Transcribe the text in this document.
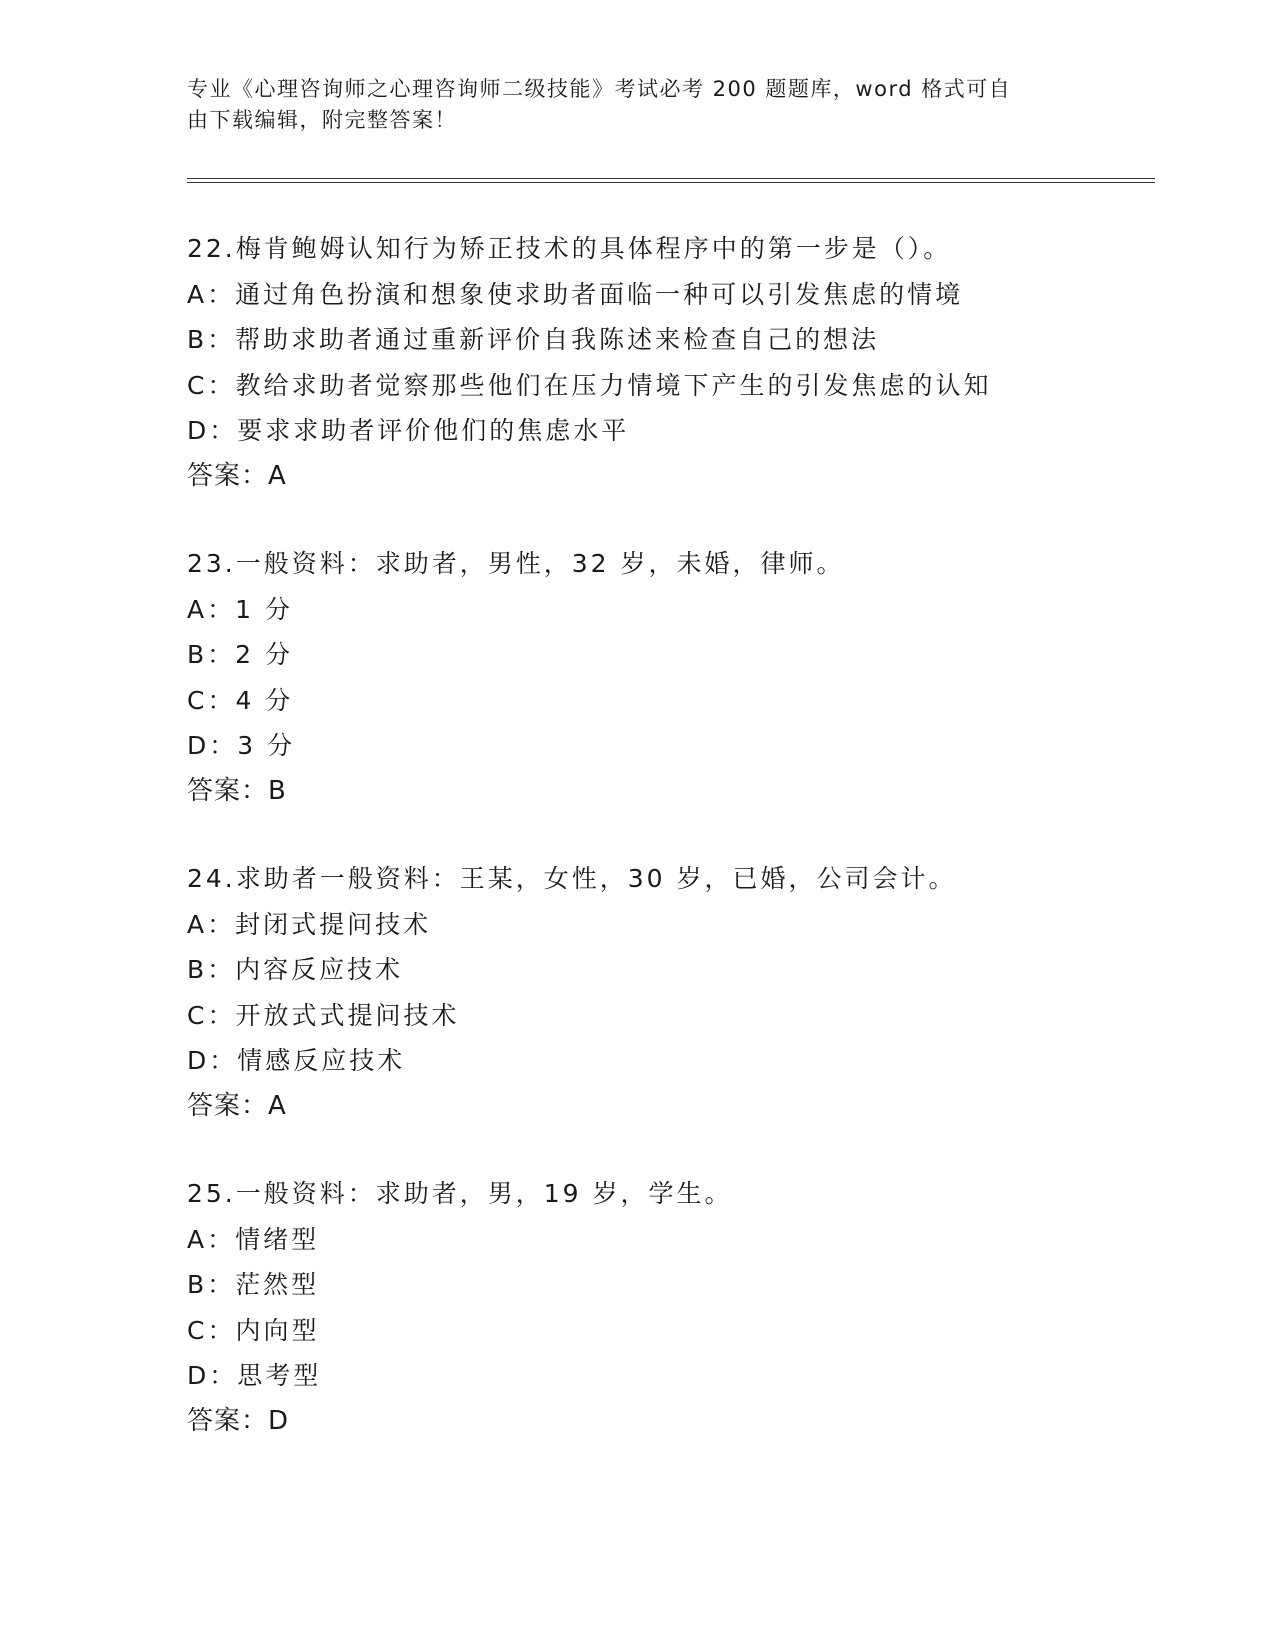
专业《心理咨询师之心理咨询师二级技能》考试必考 200 题题库，word 格式可自
由下载编辑，附完整答案！
22.梅肯鲍姆认知行为矫正技术的具体程序中的第一步是（）。
A：通过角色扮演和想象使求助者面临一种可以引发焦虑的情境
B：帮助求助者通过重新评价自我陈述来检查自己的想法
C：教给求助者觉察那些他们在压力情境下产生的引发焦虑的认知
D：要求求助者评价他们的焦虑水平
答案：A
23.一般资料：求助者，男性，32 岁，未婚，律师。
A：1 分
B：2 分
C：4 分
D：3 分
答案：B
24.求助者一般资料：王某，女性，30 岁，已婚，公司会计。
A：封闭式提问技术
B：内容反应技术
C：开放式式提问技术
D：情感反应技术
答案：A
25.一般资料：求助者，男，19 岁，学生。
A：情绪型
B：茫然型
C：内向型
D：思考型
答案：D
